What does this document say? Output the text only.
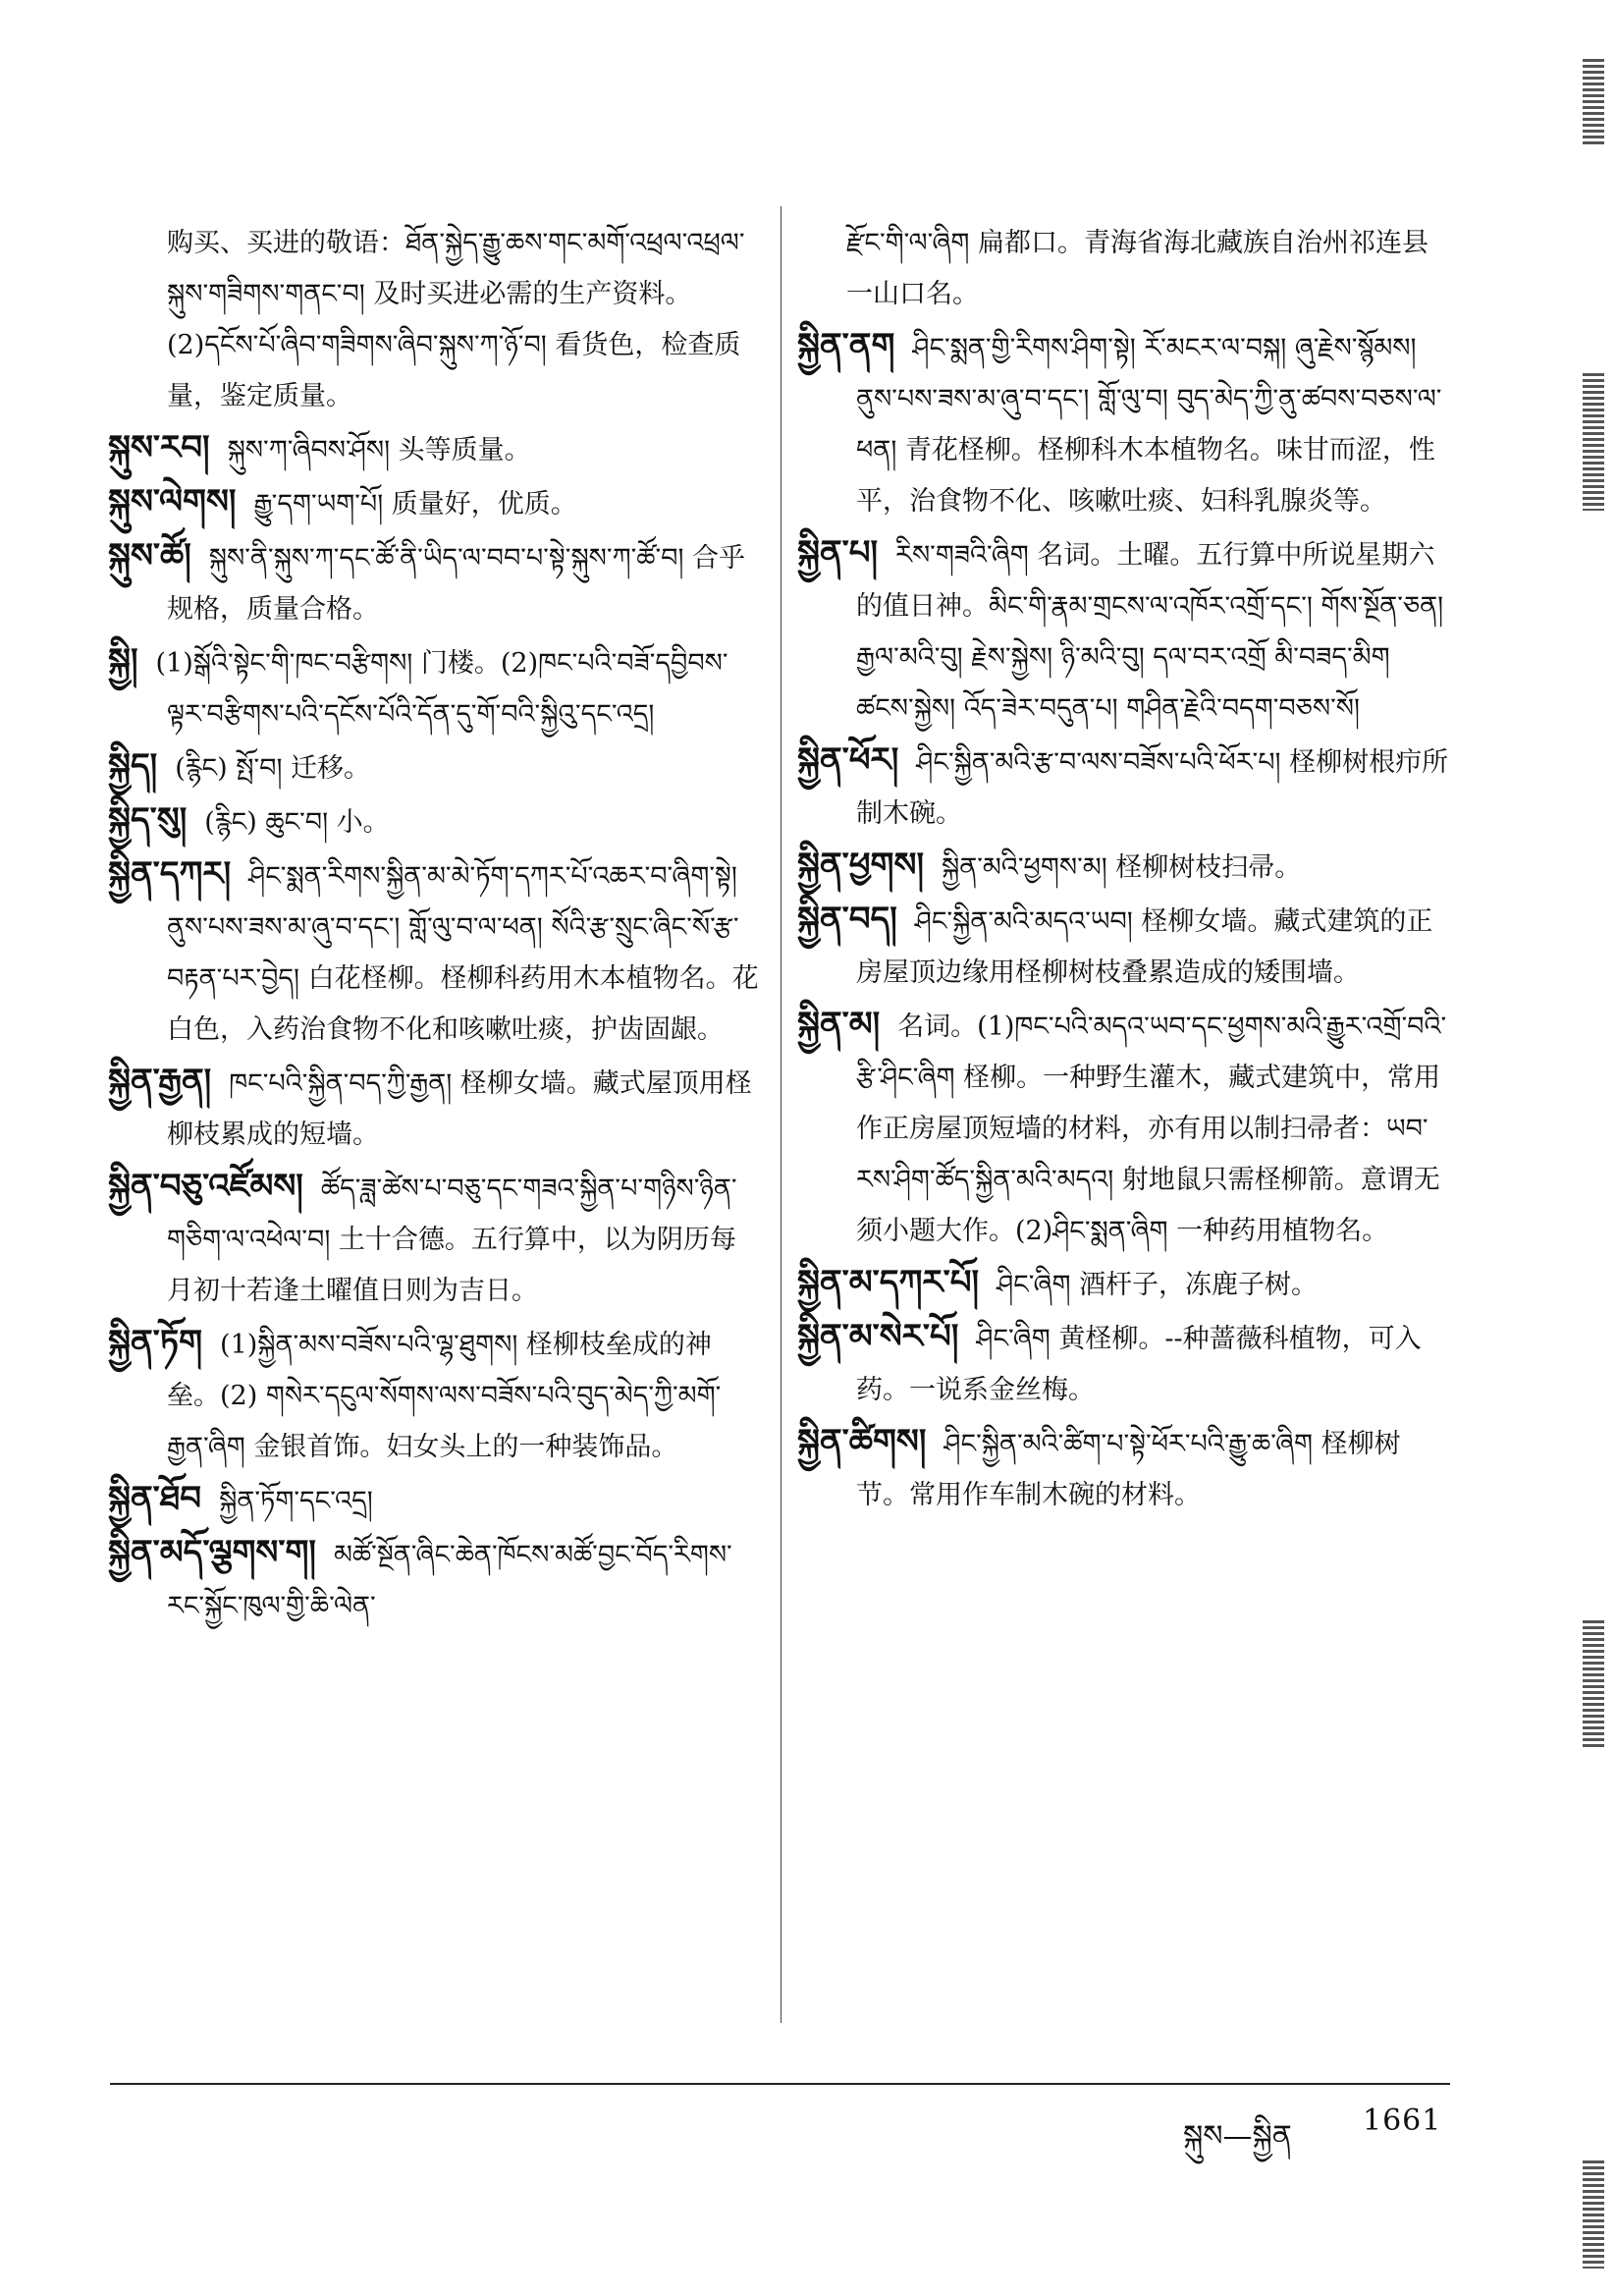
购买、买进的敬语：ཐོན་སྐྱེད་རྒྱུ་ཆས་གང་མགོ་འཕྲལ་འཕྲལ་སྐུས་གཟིགས་གནང་བ། 及时买进必需的生产资料。(2)དངོས་པོ་ཞིབ་གཟིགས་ཞིབ་སྐུས་ཀ་ཉོ་བ། 看货色，检查质量，鉴定质量。

སྐུས་རབ། སྐུས་ཀ་ཞིབས་ཤོས། 头等质量。

སྐུས་ལེགས། རྒྱུ་དག་ཡག་པོ། 质量好，优质。

སྐུས་ཚོ། སྐུས་ནི་སྐུས་ཀ་དང་ཚོ་ནི་ཡིད་ལ་བབ་པ་སྟེ་སྐུས་ཀ་ཚོ་བ། 合乎规格，质量合格。

སྐྱི། (1)སྒོའི་སྟེང་གི་ཁང་བརྩིགས། 门楼。(2)ཁང་པའི་བཟོ་དབྱིབས་ལྟར་བརྩིགས་པའི་དངོས་པོའི་དོན་དུ་གོ་བའི་སྐྱིའུ་དང་འདྲ།

སྐྱིད། (རྙིང) སྤོ་བ། 迁移。

སྐྱིད་སུ། (རྙིང) ཆུང་བ། 小。

སྐྱིན་དཀར། ཤིང་སྨན་རིགས་སྐྱིན་མ་མེ་ཏོག་དཀར་པོ་འཆར་བ་ཞིག་སྟེ། ནུས་པས་ཟས་མ་ཞུ་བ་དང་། གློ་ལུ་བ་ལ་ཕན། སོའི་རྩ་སྲུང་ཞིང་སོ་རྩ་བརྟན་པར་བྱེད། 白花柽柳。柽柳科药用木本植物名。花白色，入药治食物不化和咳嗽吐痰，护齿固龈。

སྐྱིན་རྒྱན། ཁང་པའི་སྐྱིན་བད་ཀྱི་རྒྱན། 柽柳女墙。藏式屋顶用柽柳枝累成的短墙。

སྐྱིན་བཅུ་འཛོམས། ཚོད་ཟླ་ཚེས་པ་བཅུ་དང་གཟའ་སྐྱིན་པ་གཉིས་ཉིན་གཅིག་ལ་འཕེལ་བ། 土十合德。五行算中，以为阴历每月初十若逢土曜值日则为吉日。

སྐྱིན་ཏོག (1)སྐྱིན་མས་བཟོས་པའི་ལྷ་ཐུགས། 柽柳枝垒成的神垒。(2) གསེར་དངུལ་སོགས་ལས་བཟོས་པའི་བུད་མེད་ཀྱི་མགོ་རྒྱན་ཞིག 金银首饰。妇女头上的一种装饰品。

སྐྱིན་ཐོབ སྐྱིན་ཏོག་དང་འདྲ།

སྐྱིན་མདོ་ལྕགས་ག། མཚོ་སྔོན་ཞིང་ཆེན་ཁོངས་མཚོ་བྱང་བོད་རིགས་རང་སྐྱོང་ཁུལ་གྱི་ཆི་ལེན་

རྫོང་གི་ལ་ཞིག 扁都口。青海省海北藏族自治州祁连县一山口名。

སྐྱིན་ནག ཤིང་སྨན་གྱི་རིགས་ཤིག་སྟེ། རོ་མངར་ལ་བསྐ། ཞུ་རྗེས་སྙོམས། ནུས་པས་ཟས་མ་ཞུ་བ་དང་། གློ་ལུ་བ། བུད་མེད་ཀྱི་ནུ་ཚབས་བཅས་ལ་ཕན། 青花柽柳。柽柳科木本植物名。味甘而涩，性平，治食物不化、咳嗽吐痰、妇科乳腺炎等。

སྐྱིན་པ། རིས་གཟའི་ཞིག 名词。土曜。五行算中所说星期六的值日神。མིང་གི་རྣམ་གྲངས་ལ་འཁོར་འགྲོ་དང་། གོས་སྔོན་ཅན། རྒྱལ་མའི་བུ། རྗེས་སྐྱེས། ཉི་མའི་བུ། དལ་བར་འགྲོ མི་བཟད་མིག ཚངས་སྐྱེས། འོད་ཟེར་བདུན་པ། གཤིན་རྗེའི་བདག་བཅས་སོ།

སྐྱིན་ཕོར། ཤིང་སྐྱིན་མའི་རྩ་བ་ལས་བཟོས་པའི་ཕོར་པ། 柽柳树根疖所制木碗。

སྐྱིན་ཕྱགས། སྐྱིན་མའི་ཕྱགས་མ། 柽柳树枝扫帚。

སྐྱིན་བད། ཤིང་སྐྱིན་མའི་མདའ་ཡབ། 柽柳女墙。藏式建筑的正房屋顶边缘用柽柳树枝叠累造成的矮围墙。

སྐྱིན་མ། 名词。(1)ཁང་པའི་མདའ་ཡབ་དང་ཕྱགས་མའི་རྒྱུར་འགྲོ་བའི་རྩི་ཤིང་ཞིག 柽柳。一种野生灌木，藏式建筑中，常用作正房屋顶短墙的材料，亦有用以制扫帚者：ཡབ་རས་ཤིག་ཚོད་སྐྱིན་མའི་མདའ། 射地鼠只需柽柳箭。意谓无须小题大作。(2)ཤིང་སྨན་ཞིག 一种药用植物名。

སྐྱིན་མ་དཀར་པོ། ཤིང་ཞིག 酒杆子，冻鹿子树。

སྐྱིན་མ་སེར་པོ། ཤིང་ཞིག 黄柽柳。--种蔷薇科植物，可入药。一说系金丝梅。

སྐྱིན་ཚིགས། ཤིང་སྐྱིན་མའི་ཚིག་པ་སྟེ་ཕོར་པའི་རྒྱུ་ཆ་ཞིག 柽柳树节。常用作车制木碗的材料。

སྐུས—སྐྱིན 1661
